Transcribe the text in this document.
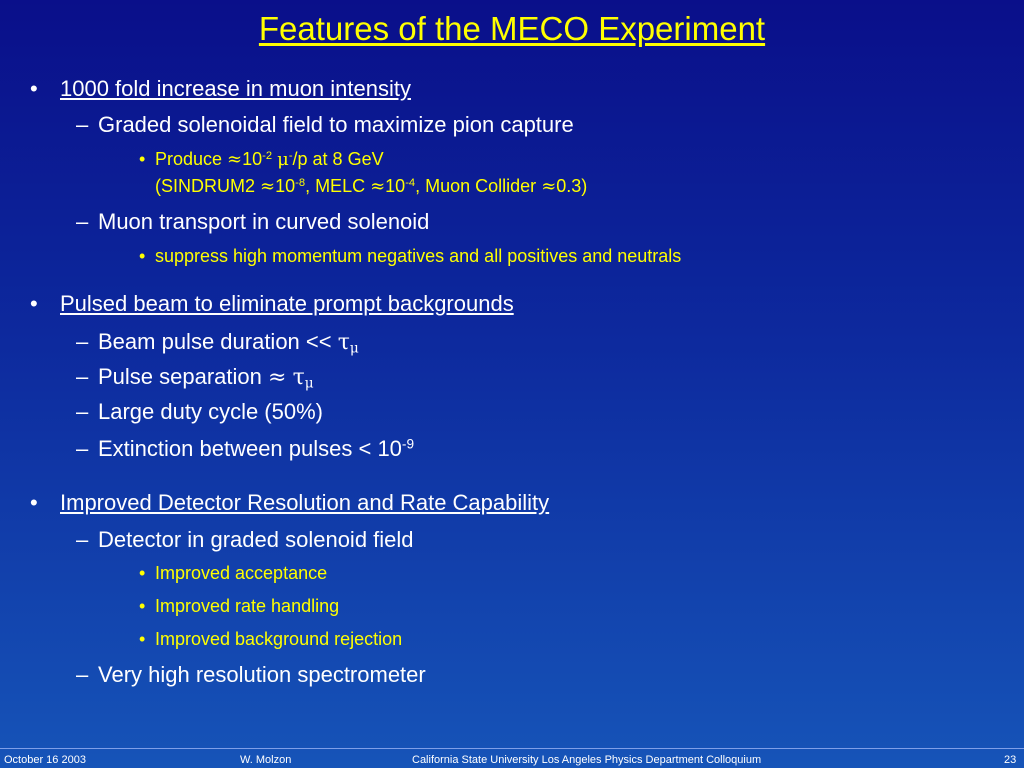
Features of the MECO Experiment
• 1000 fold increase in muon intensity
– Graded solenoidal field to maximize pion capture
• Produce $\approx 10^{-2}$ μ-/p at 8 GeV
(SINDRUM2 $\approx 10^{-8}$, MELC $\approx 10^{-4}$, Muon Collider ≈0.3)
– Muon transport in curved solenoid
• suppress high momentum negatives and all positives and neutrals
• Pulsed beam to eliminate prompt backgrounds
– Beam pulse duration << $\tau_\mu$
– Pulse separation ≈ $\tau_\mu$
– Large duty cycle (50%)
– Extinction between pulses < $10^{-9}$
• Improved Detector Resolution and Rate Capability
– Detector in graded solenoid field
• Improved acceptance
• Improved rate handling
• Improved background rejection
– Very high resolution spectrometer
October 16 2003	W. Molzon	California State University Los Angeles Physics Department Colloquium	23
